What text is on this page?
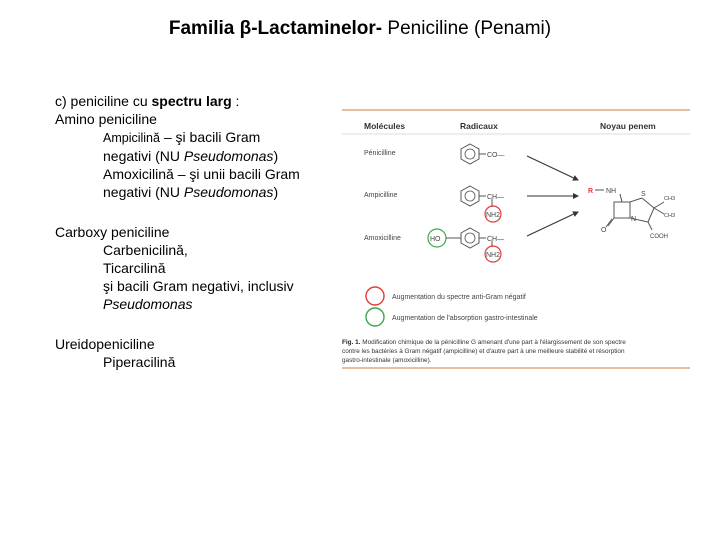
Familia β-Lactaminelor- Peniciline (Penami)

c) peniciline cu spectru larg :

Amino peniciline

Ampicilină – şi bacili Gram

negativi (NU Pseudomonas)

Amoxicilină – şi unii bacili Gram

negativi (NU Pseudomonas)

Carboxy peniciline

Carbenicilină,

Ticarcilină

şi bacili Gram negativi, inclusiv

Pseudomonas

Ureidopeniciline

Piperacilină

Molécules	Radicaux	Noyau penem
Pénicilline
Ampicilline
Amoxicilline
CO—
CH—
NH2
HO	CH—
NH2
R NH	S
CH3
CH3
N
COOH
O
Augmentation du spectre anti-Gram négatif
Augmentation de l'absorption gastro-intestinale
Fig. 1. Modification chimique de la pénicilline G amenant d'une part à l'élargissement de son spectre
contre les bactéries à Gram négatif (ampicilline) et d'autre part à une meilleure stabilité et résorption
gastro-intestinale (amoxicilline).
